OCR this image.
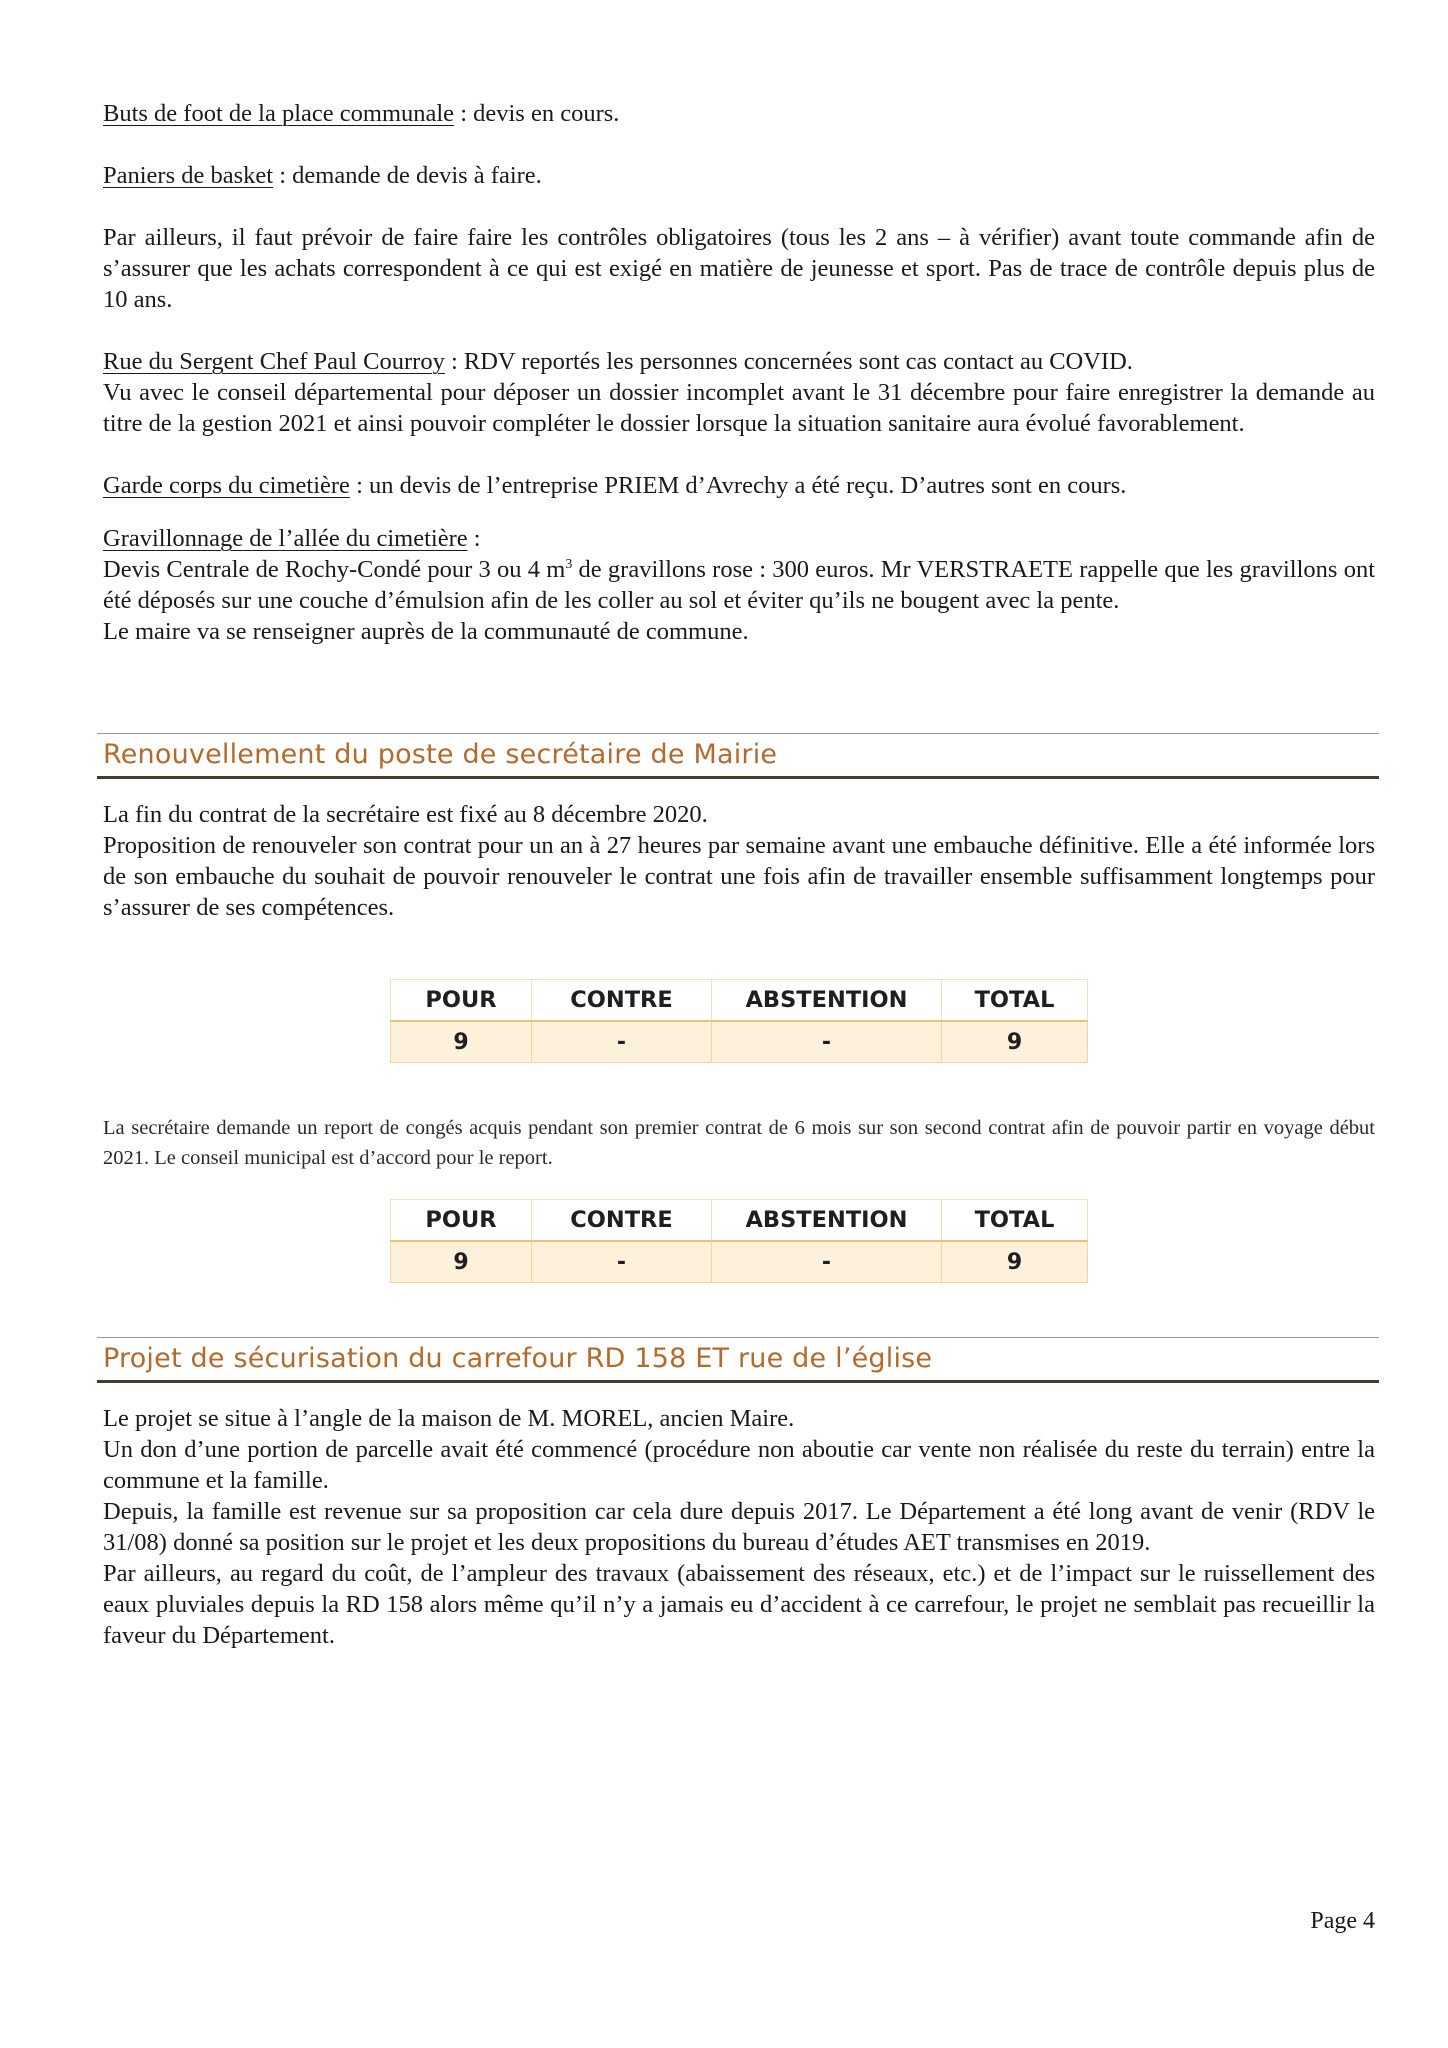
Buts de foot de la place communale : devis en cours.

Paniers de basket : demande de devis à faire.

Par ailleurs, il faut prévoir de faire faire les contrôles obligatoires (tous les 2 ans – à vérifier) avant toute commande afin de s’assurer que les achats correspondent à ce qui est exigé en matière de jeunesse et sport. Pas de trace de contrôle depuis plus de 10 ans.

Rue du Sergent Chef Paul Courroy : RDV reportés les personnes concernées sont cas contact au COVID.

Vu avec le conseil départemental pour déposer un dossier incomplet avant le 31 décembre pour faire enregistrer la demande au titre de la gestion 2021 et ainsi pouvoir compléter le dossier lorsque la situation sanitaire aura évolué favorablement.

Garde corps du cimetière : un devis de l’entreprise PRIEM d’Avrechy a été reçu. D’autres sont en cours.

Gravillonnage de l’allée du cimetière :

Devis Centrale de Rochy-Condé pour 3 ou 4 $m^3$ de gravillons rose : 300 euros. Mr VERSTRAETE rappelle que les gravillons ont été déposés sur une couche d’émulsion afin de les coller au sol et éviter qu’ils ne bougent avec la pente.

Le maire va se renseigner auprès de la communauté de commune.

Renouvellement du poste de secrétaire de Mairie

La fin du contrat de la secrétaire est fixé au 8 décembre 2020.

Proposition de renouveler son contrat pour un an à 27 heures par semaine avant une embauche définitive. Elle a été informée lors de son embauche du souhait de pouvoir renouveler le contrat une fois afin de travailler ensemble suffisamment longtemps pour s’assurer de ses compétences.

POUR	CONTRE	ABSTENTION	TOTAL
9	-	-	9

La secrétaire demande un report de congés acquis pendant son premier contrat de 6 mois sur son second contrat afin de pouvoir partir en voyage début 2021. Le conseil municipal est d’accord pour le report.

POUR	CONTRE	ABSTENTION	TOTAL
9	-	-	9
Projet de sécurisation du carrefour RD 158 ET rue de l’église

Le projet se situe à l’angle de la maison de M. MOREL, ancien Maire.

Un don d’une portion de parcelle avait été commencé (procédure non aboutie car vente non réalisée du reste du terrain) entre la commune et la famille.

Depuis, la famille est revenue sur sa proposition car cela dure depuis 2017. Le Département a été long avant de venir (RDV le 31/08) donné sa position sur le projet et les deux propositions du bureau d’études AET transmises en 2019.

Par ailleurs, au regard du coût, de l’ampleur des travaux (abaissement des réseaux, etc.) et de l’impact sur le ruissellement des eaux pluviales depuis la RD 158 alors même qu’il n’y a jamais eu d’accident à ce carrefour, le projet ne semblait pas recueillir la faveur du Département.

Page 4
